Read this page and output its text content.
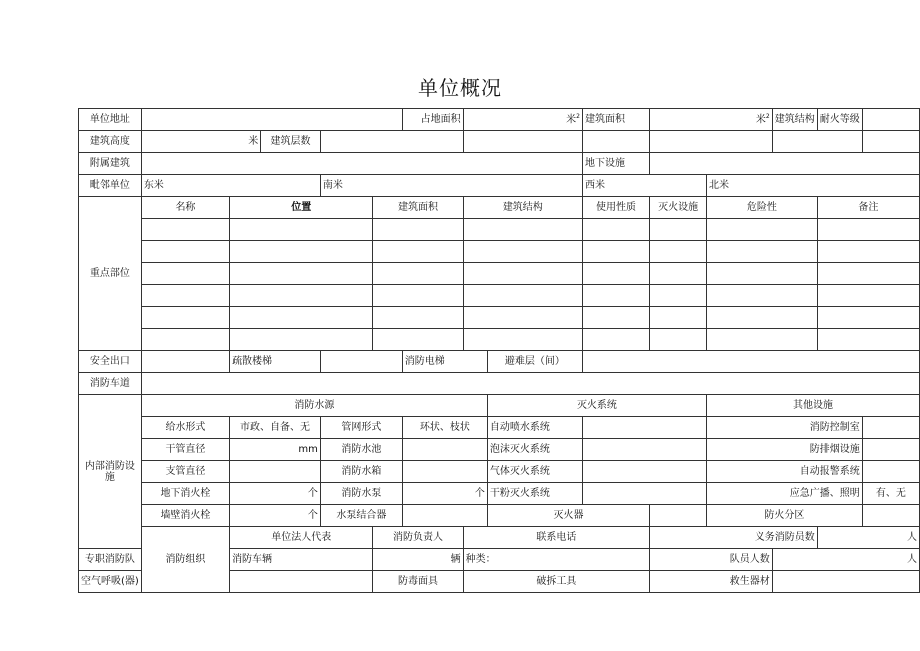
单位概况
单位地址						占地面积	米$^2$		建筑面积	米$^2$		建筑结构	耐火等级	
建筑高度	米		建筑层数											
附属建筑									地下设施					
毗邻单位	东米			南米					西米		北米			
重点部位	名称	位置			建筑面积		建筑结构		使用性质	灭火设施	危险性		备注	

安全出口		疏散楼梯				消防电梯		避难层（间）						
消防车道														
内部消防设施	消防水源							灭火系统			其他设施			
	给水形式	市政、自备、无		管网形式		环状、枝状		自动喷水系统			消防控制室			
	干管直径	mm		消防水池				泡沫灭火系统			防排烟设施			
	支管直径			消防水箱				气体灭火系统			自动报警系统			
	地下消火栓	个		消防水泵		个		干粉灭火系统			应急广播、照明			有、无
	墙壁消火栓	个		水泵结合器				灭火器			防火分区			
	消防组织	单位法人代表			消防负责人		联系电话			义务消防员数			人	
专职消防队		消防车辆			辆		种类：			队员人数		人		
空气呼吸(器)					防毒面具		破拆工具			救生器材				
